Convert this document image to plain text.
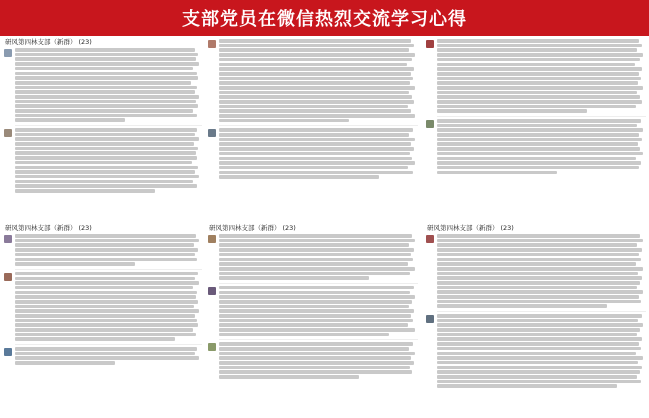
支部党员在微信热烈交流学习心得
研风第四林支部（新群） (23)
研风第四林支部（新群） (23)	研风第四林支部（新群） (23)	研风第四林支部（新群） (23)
